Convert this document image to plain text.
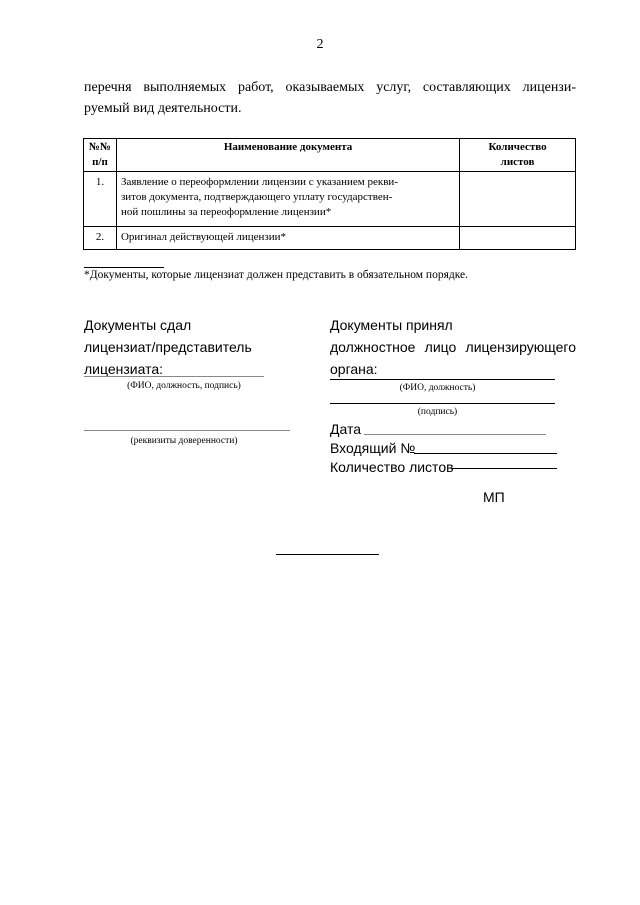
2
перечня выполняемых работ, оказываемых услуг, составляющих лицензи-
руемый вид деятельности.
№№
п/п	Наименование документа	Количество
листов
1.	Заявление о переоформлении лицензии с указанием рекви-
зитов документа, подтверждающего уплату государствен-
ной пошлины за переоформление лицензии*	
2.	Оригинал действующей лицензии*	
*Документы, которые лицензиат должен представить в обязательном порядке.
Документы сдал
лицензиат/представитель
лицензиата:
(ФИО, должность, подпись)
(реквизиты доверенности)
Документы принял
должностное лицо лицензирующего
органа:
(ФИО, должность)
(подпись)
Дата
Входящий №
Количество листов
МП
